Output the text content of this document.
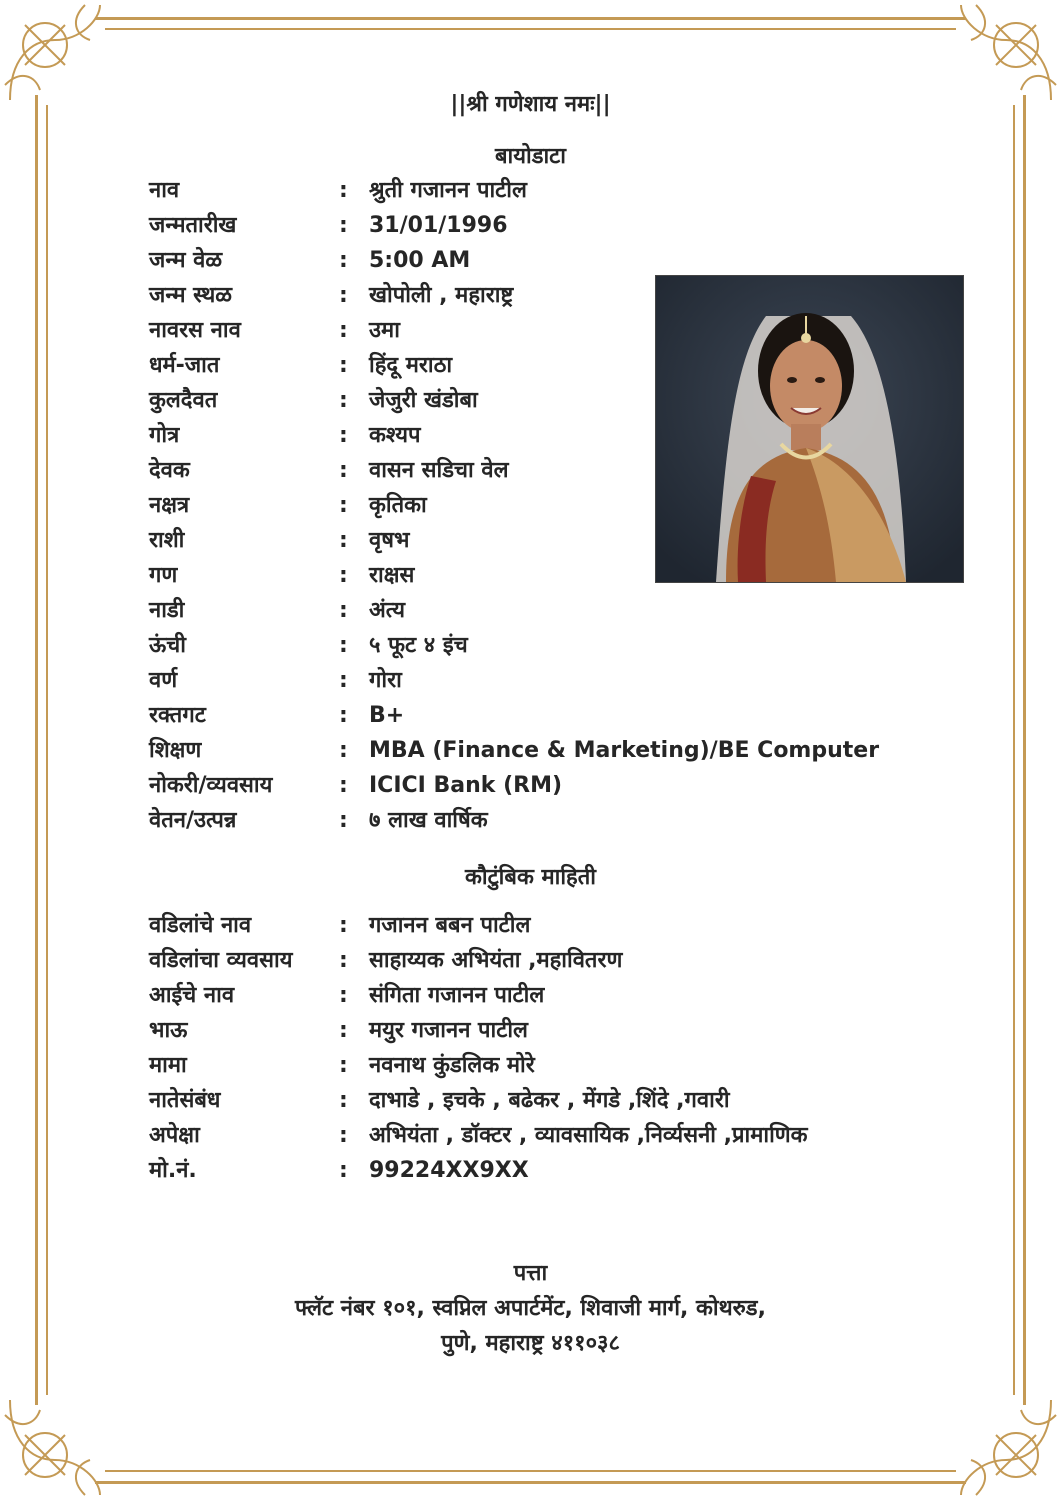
||श्री गणेशाय नमः||
बायोडाटा
नाव	: श्रुती गजानन पाटील
जन्मतारीख	: 31/01/1996
जन्म वेळ	: 5:00 AM
जन्म स्थळ	: खोपोली , महाराष्ट्र
नावरस नाव	: उमा
धर्म-जात	: हिंदू मराठा
कुलदैवत	: जेजुरी खंडोबा
गोत्र	: कश्यप
देवक	: वासन सडिचा वेल
नक्षत्र	: कृतिका
राशी	: वृषभ
गण	: राक्षस
नाडी	: अंत्य
ऊंची	: ५ फूट ४ इंच
वर्ण	: गोरा
रक्तगट	: B+
शिक्षण	: MBA (Finance & Marketing)/BE Computer
नोकरी/व्यवसाय	: ICICI Bank (RM)
वेतन/उत्पन्न	: ७ लाख वार्षिक
कौटुंबिक माहिती
वडिलांचे नाव	: गजानन बबन पाटील
वडिलांचा व्यवसाय : साहाय्यक अभियंता ,महावितरण
आईचे नाव	: संगिता गजानन पाटील
भाऊ	: मयुर गजानन पाटील
मामा	: नवनाथ कुंडलिक मोरे
नातेसंबंध	: दाभाडे , इचके , बढेकर , मेंगडे ,शिंदे ,गवारी
अपेक्षा	: अभियंता , डॉक्टर , व्यावसायिक ,निर्व्यसनी ,प्रामाणिक
मो.नं.	: 99224XX9XX
पत्ता
फ्लॅट नंबर १०१, स्वप्निल अपार्टमेंट, शिवाजी मार्ग, कोथरुड,
पुणे, महाराष्ट्र ४११०३८
